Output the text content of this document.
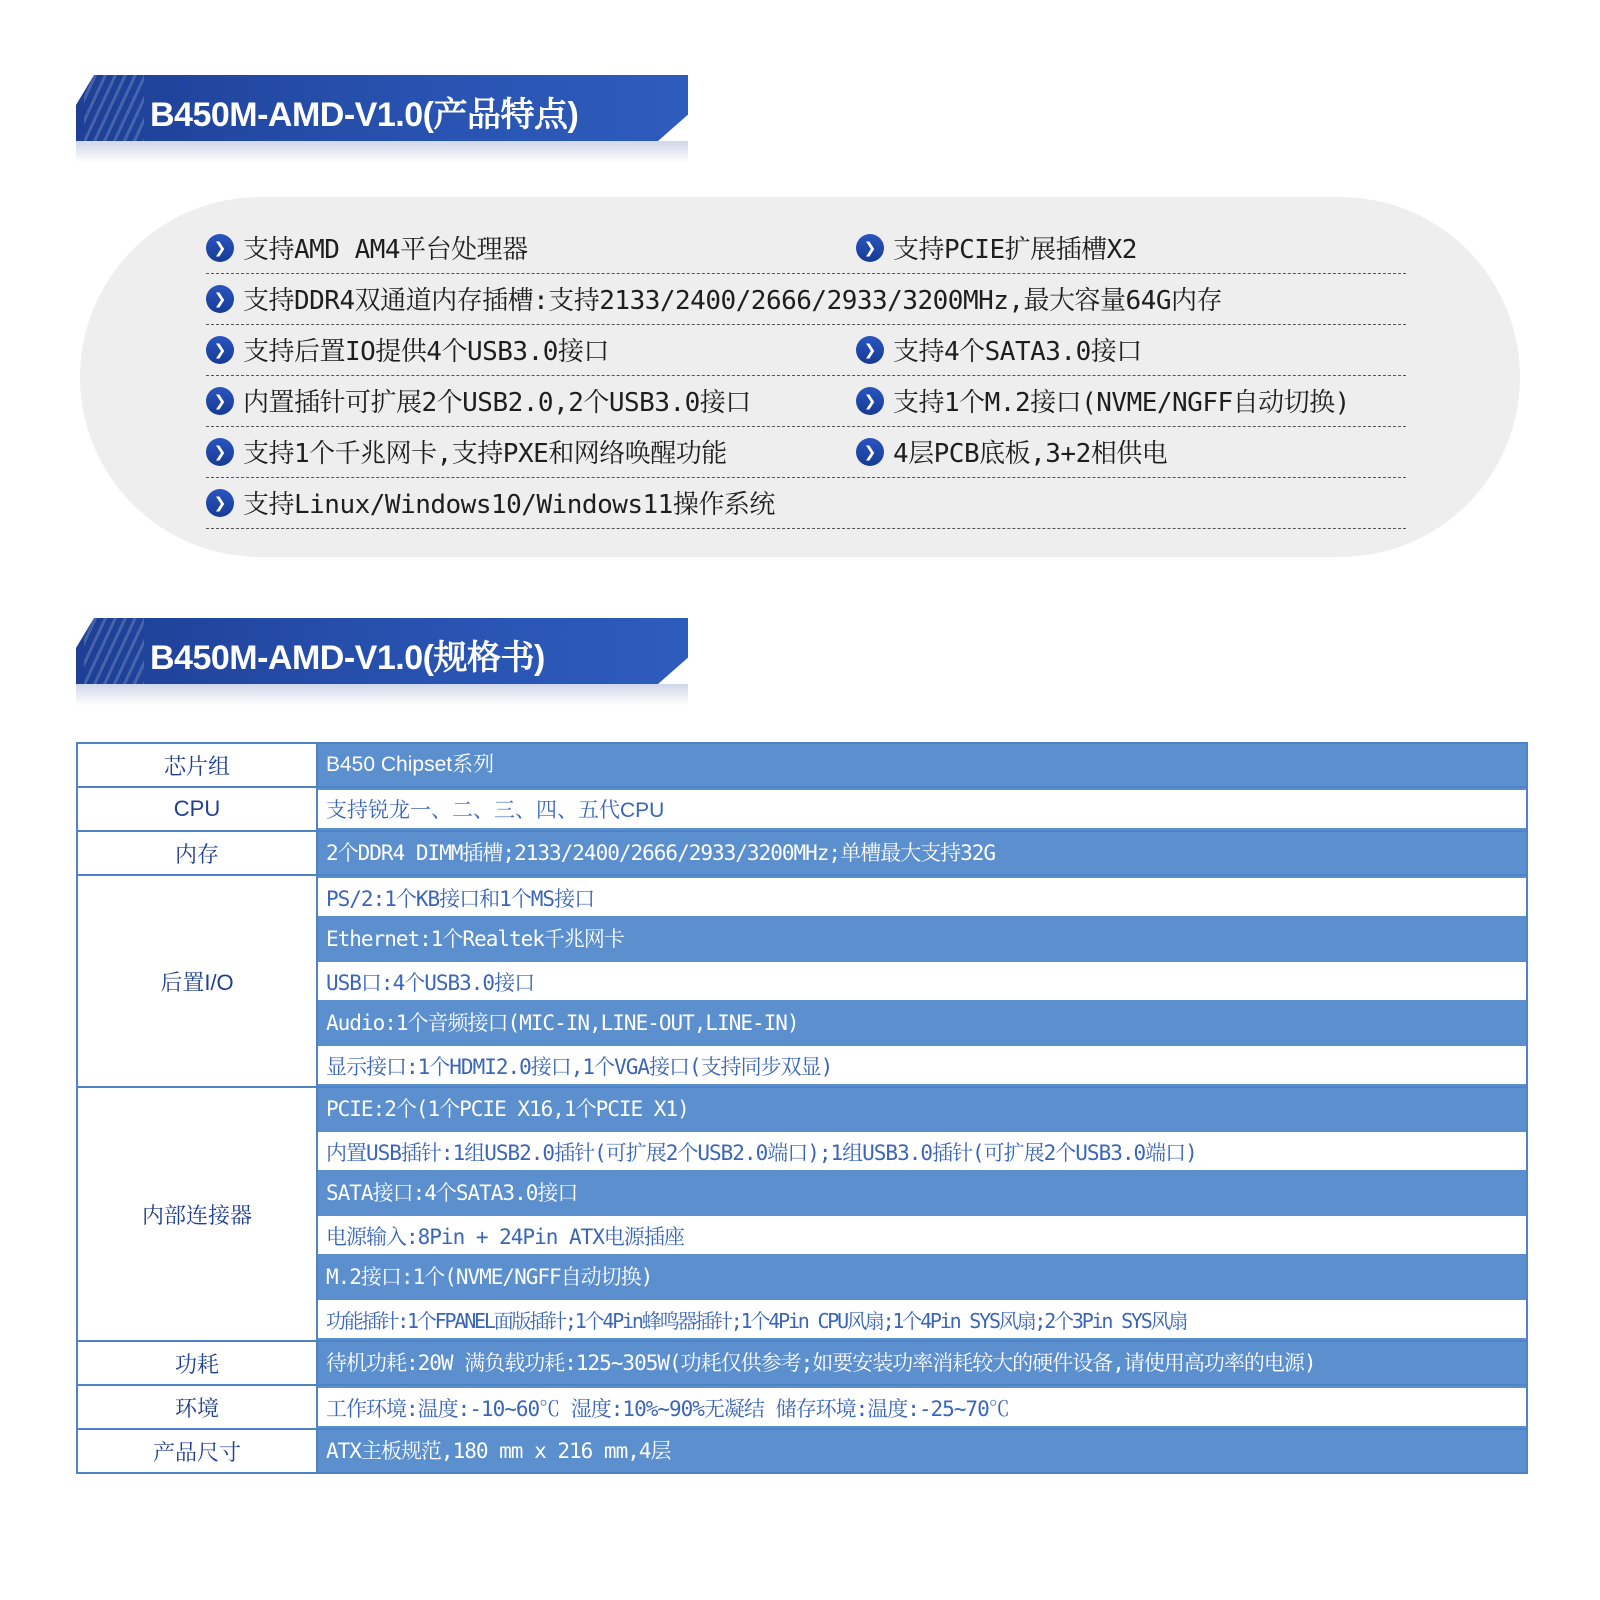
B450M-AMD-V1.0(产品特点)
❯ 支持AMD AM4平台处理器	❯ 支持PCIE扩展插槽X2
❯ 支持DDR4双通道内存插槽:支持2133/2400/2666/2933/3200MHz,最大容量64G内存
❯ 支持后置IO提供4个USB3.0接口	❯ 支持4个SATA3.0接口
❯ 内置插针可扩展2个USB2.0,2个USB3.0接口	❯ 支持1个M.2接口(NVME/NGFF自动切换)
❯ 支持1个千兆网卡,支持PXE和网络唤醒功能	❯ 4层PCB底板,3+2相供电
❯ 支持Linux/Windows10/Windows11操作系统
B450M-AMD-V1.0(规格书)
芯片组	B450 Chipset系列
CPU	支持锐龙一、二、三、四、五代CPU
内存	2个DDR4 DIMM插槽;2133/2400/2666/2933/3200MHz;单槽最大支持32G
后置I/O
PS/2:1个KB接口和1个MS接口
Ethernet:1个Realtek千兆网卡
USB口:4个USB3.0接口
Audio:1个音频接口(MIC-IN,LINE-OUT,LINE-IN)
显示接口:1个HDMI2.0接口,1个VGA接口(支持同步双显)
内部连接器
PCIE:2个(1个PCIE X16,1个PCIE X1)
内置USB插针:1组USB2.0插针(可扩展2个USB2.0端口);1组USB3.0插针(可扩展2个USB3.0端口)
SATA接口:4个SATA3.0接口
电源输入:8Pin + 24Pin ATX电源插座
M.2接口:1个(NVME/NGFF自动切换)
功能插针:1个FPANEL面版插针;1个4Pin蜂鸣器插针;1个4Pin CPU风扇;1个4Pin SYS风扇;2个3Pin SYS风扇
功耗	待机功耗:20W 满负载功耗:125~305W(功耗仅供参考;如要安装功率消耗较大的硬件设备,请使用高功率的电源)
环境	工作环境:温度:-10~60℃ 湿度:10%~90%无凝结 储存环境:温度:-25~70℃
产品尺寸	ATX主板规范,180 mm x 216 mm,4层
